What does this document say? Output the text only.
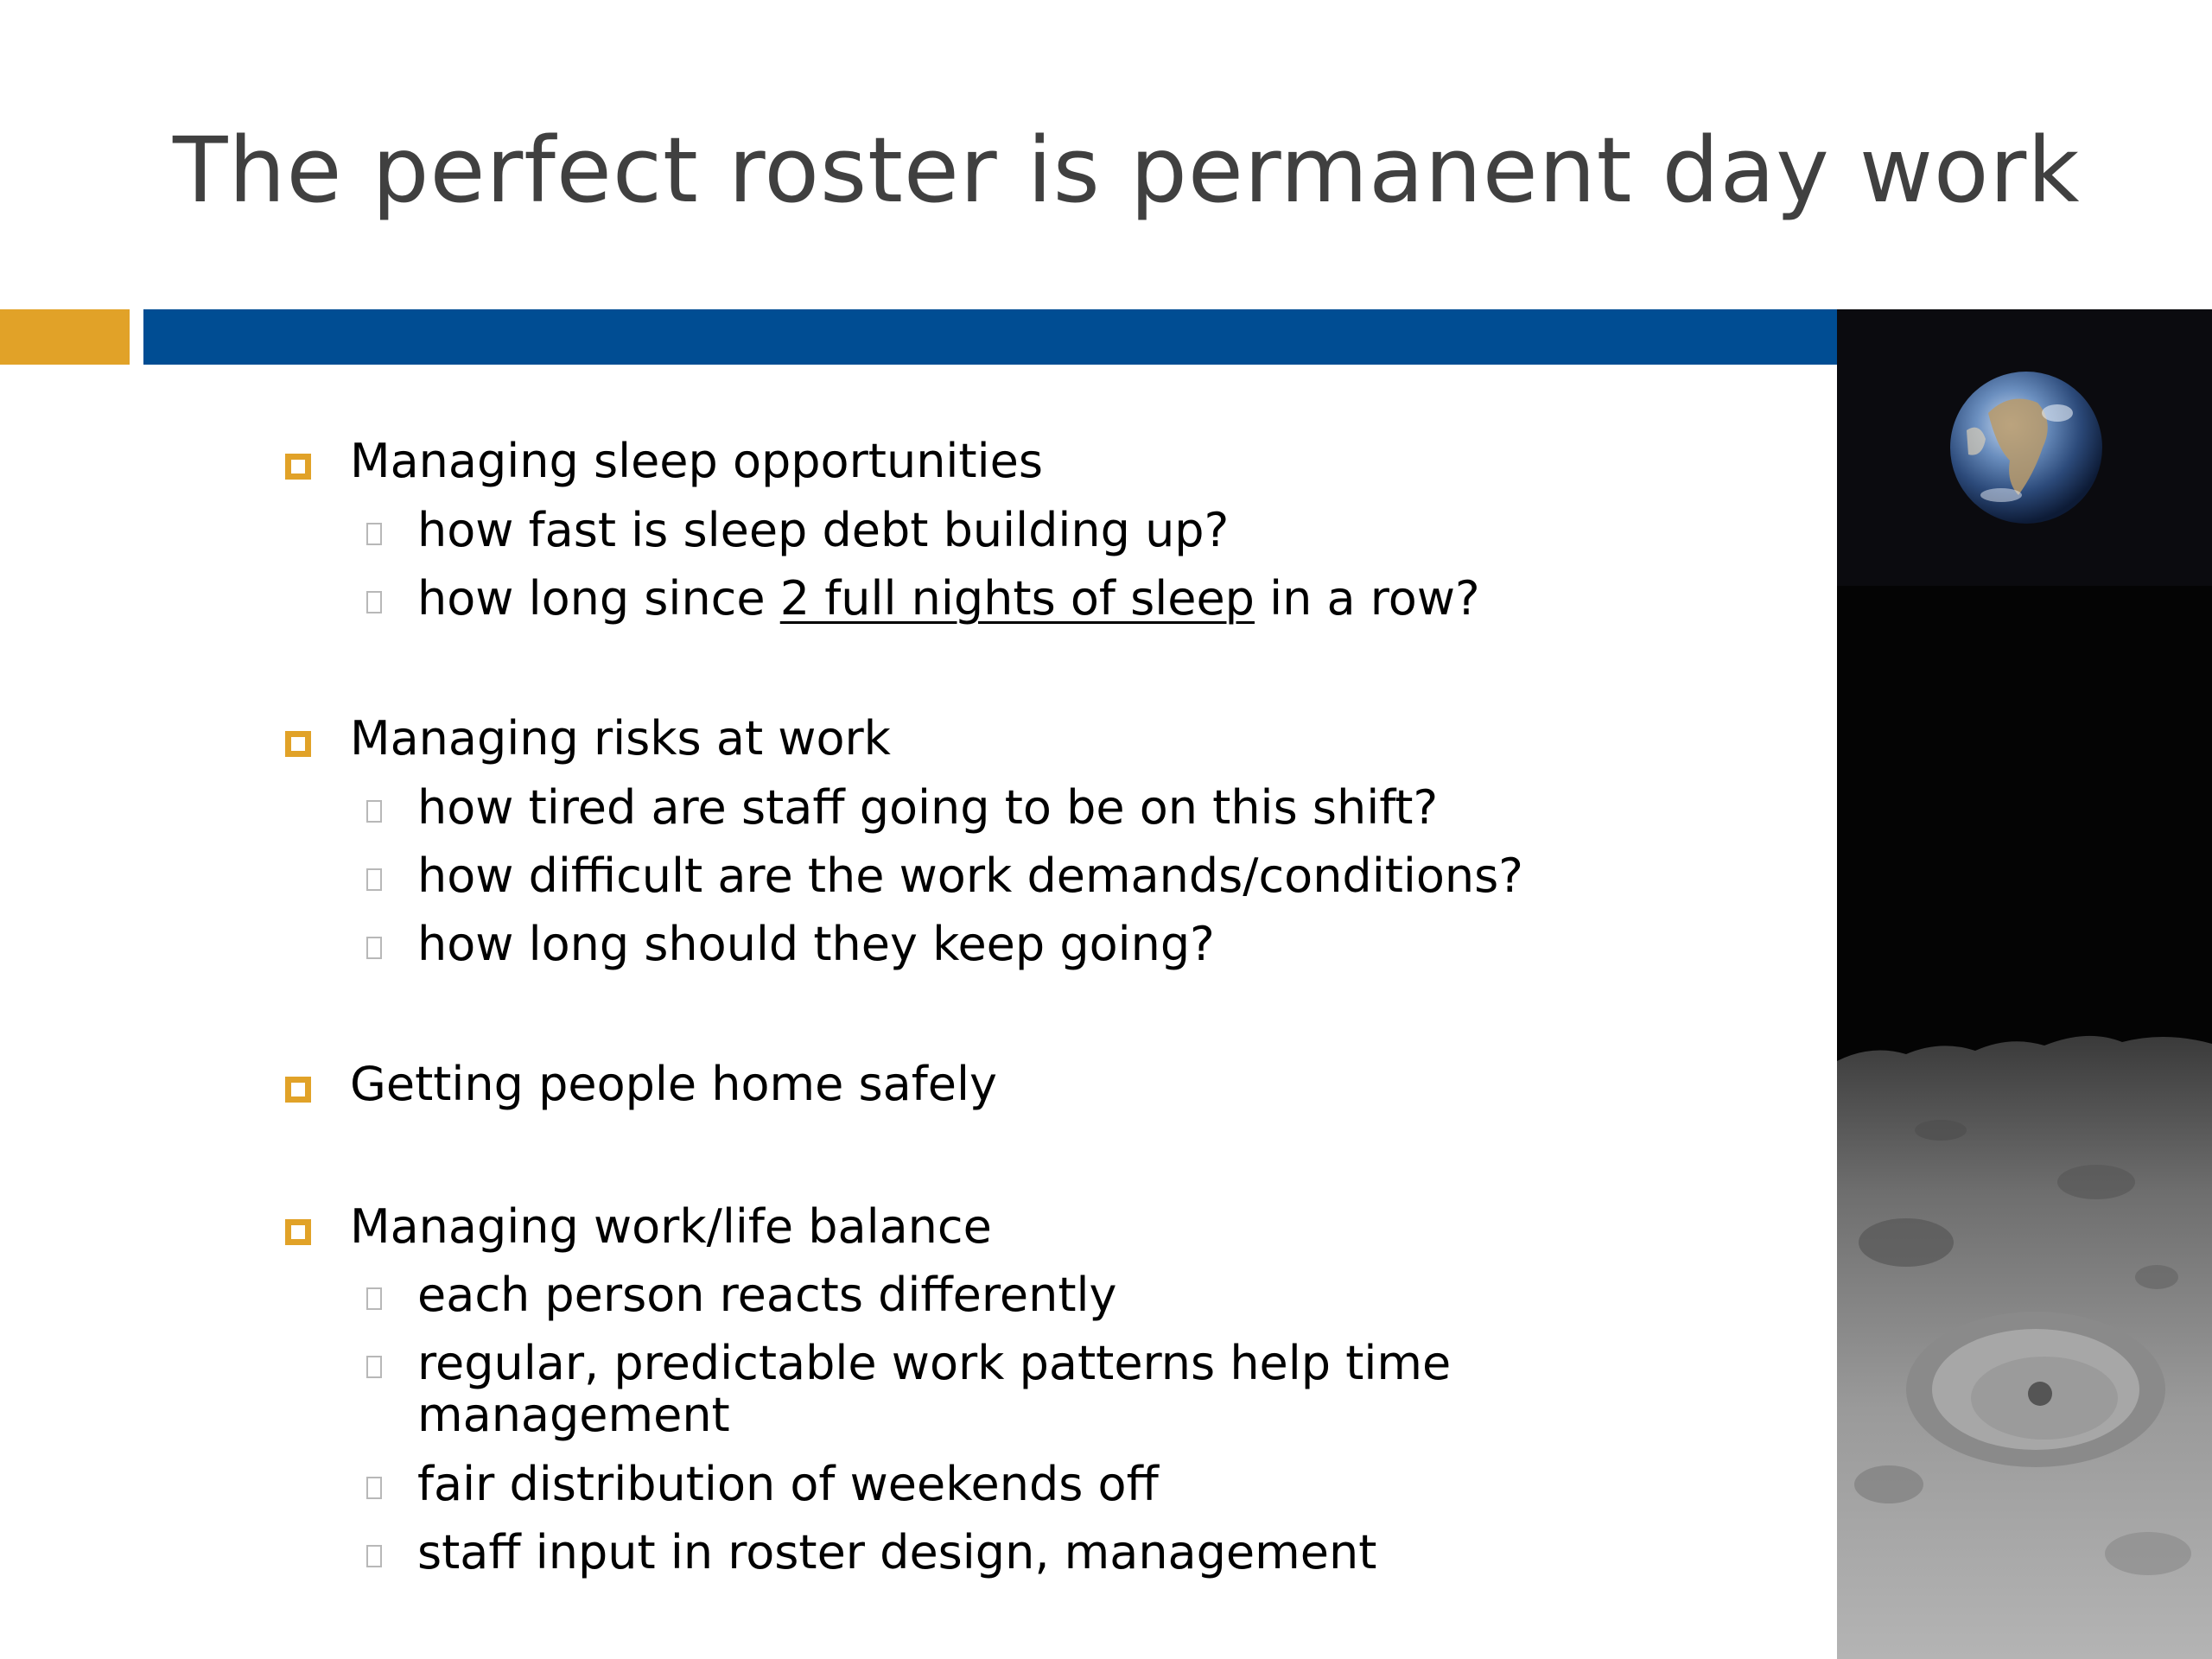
The perfect roster is permanent day work
Managing sleep opportunities
how fast is sleep debt building up?
how long since 2 full nights of sleep in a row?
Managing risks at work
how tired are staff going to be on this shift?
how difficult are the work demands/conditions?
how long should they keep going?
Getting people home safely
Managing work/life balance
each person reacts differently
regular, predictable work patterns help time
management
fair distribution of weekends off
staff input in roster design, management
